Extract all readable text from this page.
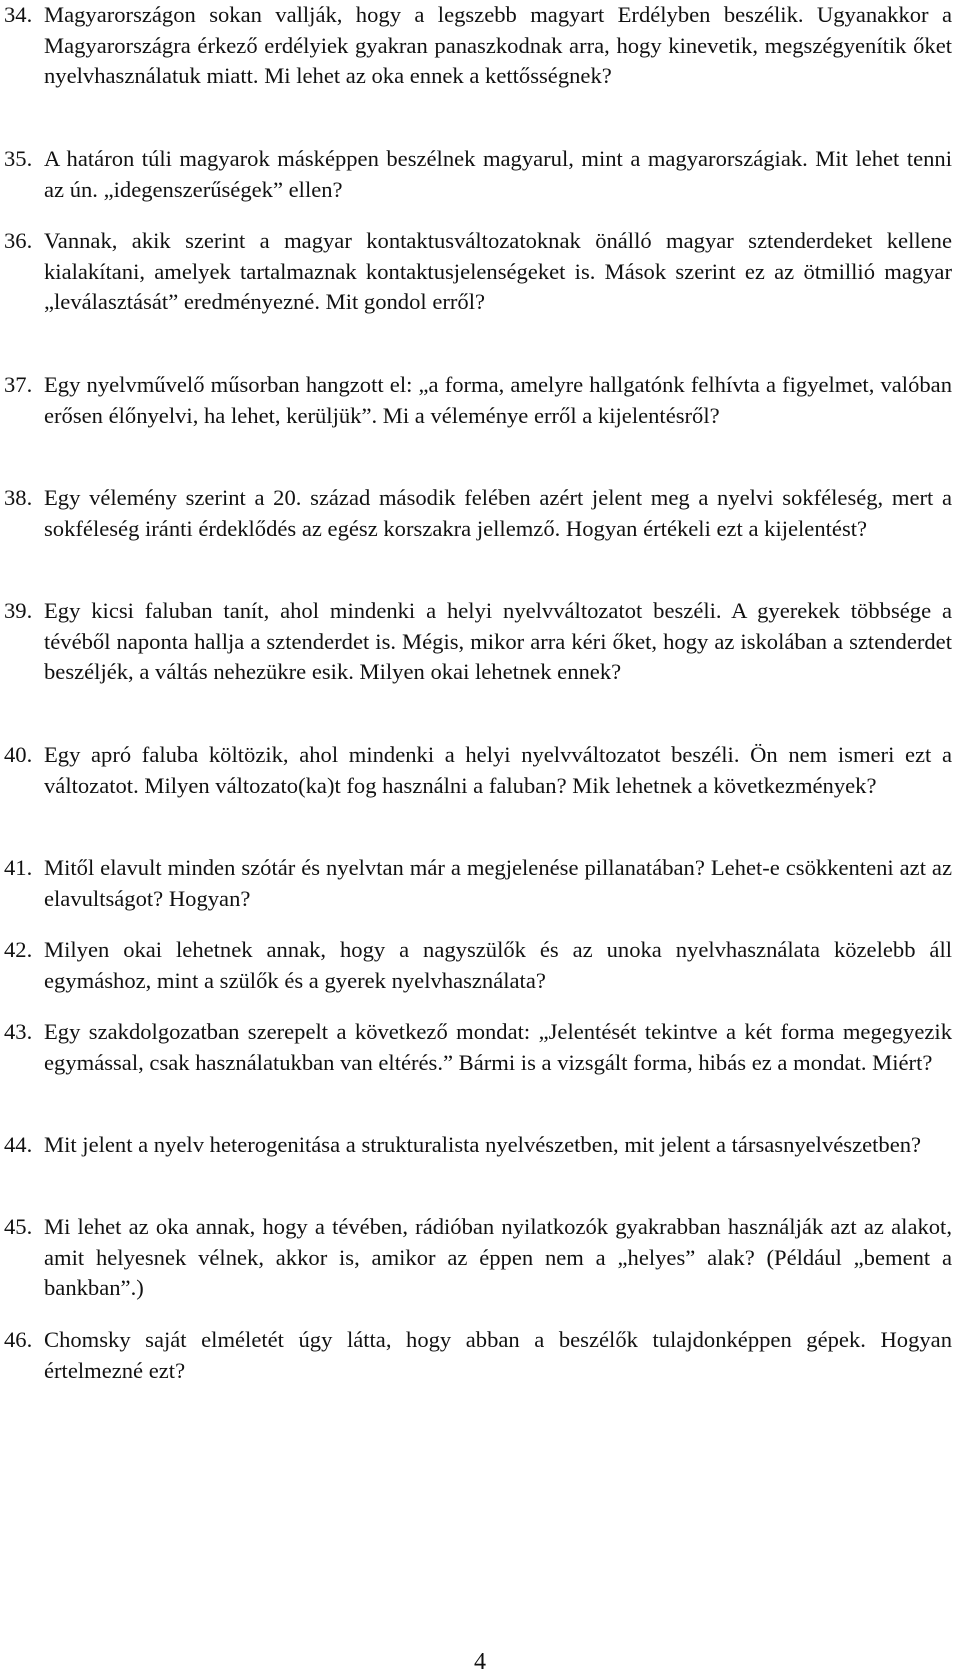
34. Magyarországon sokan vallják, hogy a legszebb magyart Erdélyben beszélik. Ugyanakkor a Magyarországra érkező erdélyiek gyakran panaszkodnak arra, hogy kinevetik, megszégyenítik őket nyelvhasználatuk miatt. Mi lehet az oka ennek a kettősségnek?

35. A határon túli magyarok másképpen beszélnek magyarul, mint a magyarországiak. Mit lehet tenni az ún. „idegenszerűségek” ellen?

36. Vannak, akik szerint a magyar kontaktusváltozatoknak önálló magyar sztenderdeket kellene kialakítani, amelyek tartalmaznak kontaktusjelenségeket is. Mások szerint ez az ötmillió magyar „leválasztását” eredményezné. Mit gondol erről?

37. Egy nyelvművelő műsorban hangzott el: „a forma, amelyre hallgatónk felhívta a figyelmet, valóban erősen élőnyelvi, ha lehet, kerüljük”. Mi a véleménye erről a kijelentésről?

38. Egy vélemény szerint a 20. század második felében azért jelent meg a nyelvi sokféleség, mert a sokféleség iránti érdeklődés az egész korszakra jellemző. Hogyan értékeli ezt a kijelentést?

39. Egy kicsi faluban tanít, ahol mindenki a helyi nyelvváltozatot beszéli. A gyerekek többsége a tévéből naponta hallja a sztenderdet is. Mégis, mikor arra kéri őket, hogy az iskolában a sztenderdet beszéljék, a váltás nehezükre esik. Milyen okai lehetnek ennek?

40. Egy apró faluba költözik, ahol mindenki a helyi nyelvváltozatot beszéli. Ön nem ismeri ezt a változatot. Milyen változato(ka)t fog használni a faluban? Mik lehetnek a következmények?

41. Mitől elavult minden szótár és nyelvtan már a megjelenése pillanatában? Lehet-e csökkenteni azt az elavultságot? Hogyan?

42. Milyen okai lehetnek annak, hogy a nagyszülők és az unoka nyelvhasználata közelebb áll egymáshoz, mint a szülők és a gyerek nyelvhasználata?

43. Egy szakdolgozatban szerepelt a következő mondat: „Jelentését tekintve a két forma megegyezik egymással, csak használatukban van eltérés.” Bármi is a vizsgált forma, hibás ez a mondat. Miért?

44. Mit jelent a nyelv heterogenitása a strukturalista nyelvészetben, mit jelent a társasnyelvészetben?

45. Mi lehet az oka annak, hogy a tévében, rádióban nyilatkozók gyakrabban használják azt az alakot, amit helyesnek vélnek, akkor is, amikor az éppen nem a „helyes” alak? (Például „bement a bankban”.)

46. Chomsky saját elméletét úgy látta, hogy abban a beszélők tulajdonképpen gépek. Hogyan értelmezné ezt?

4
